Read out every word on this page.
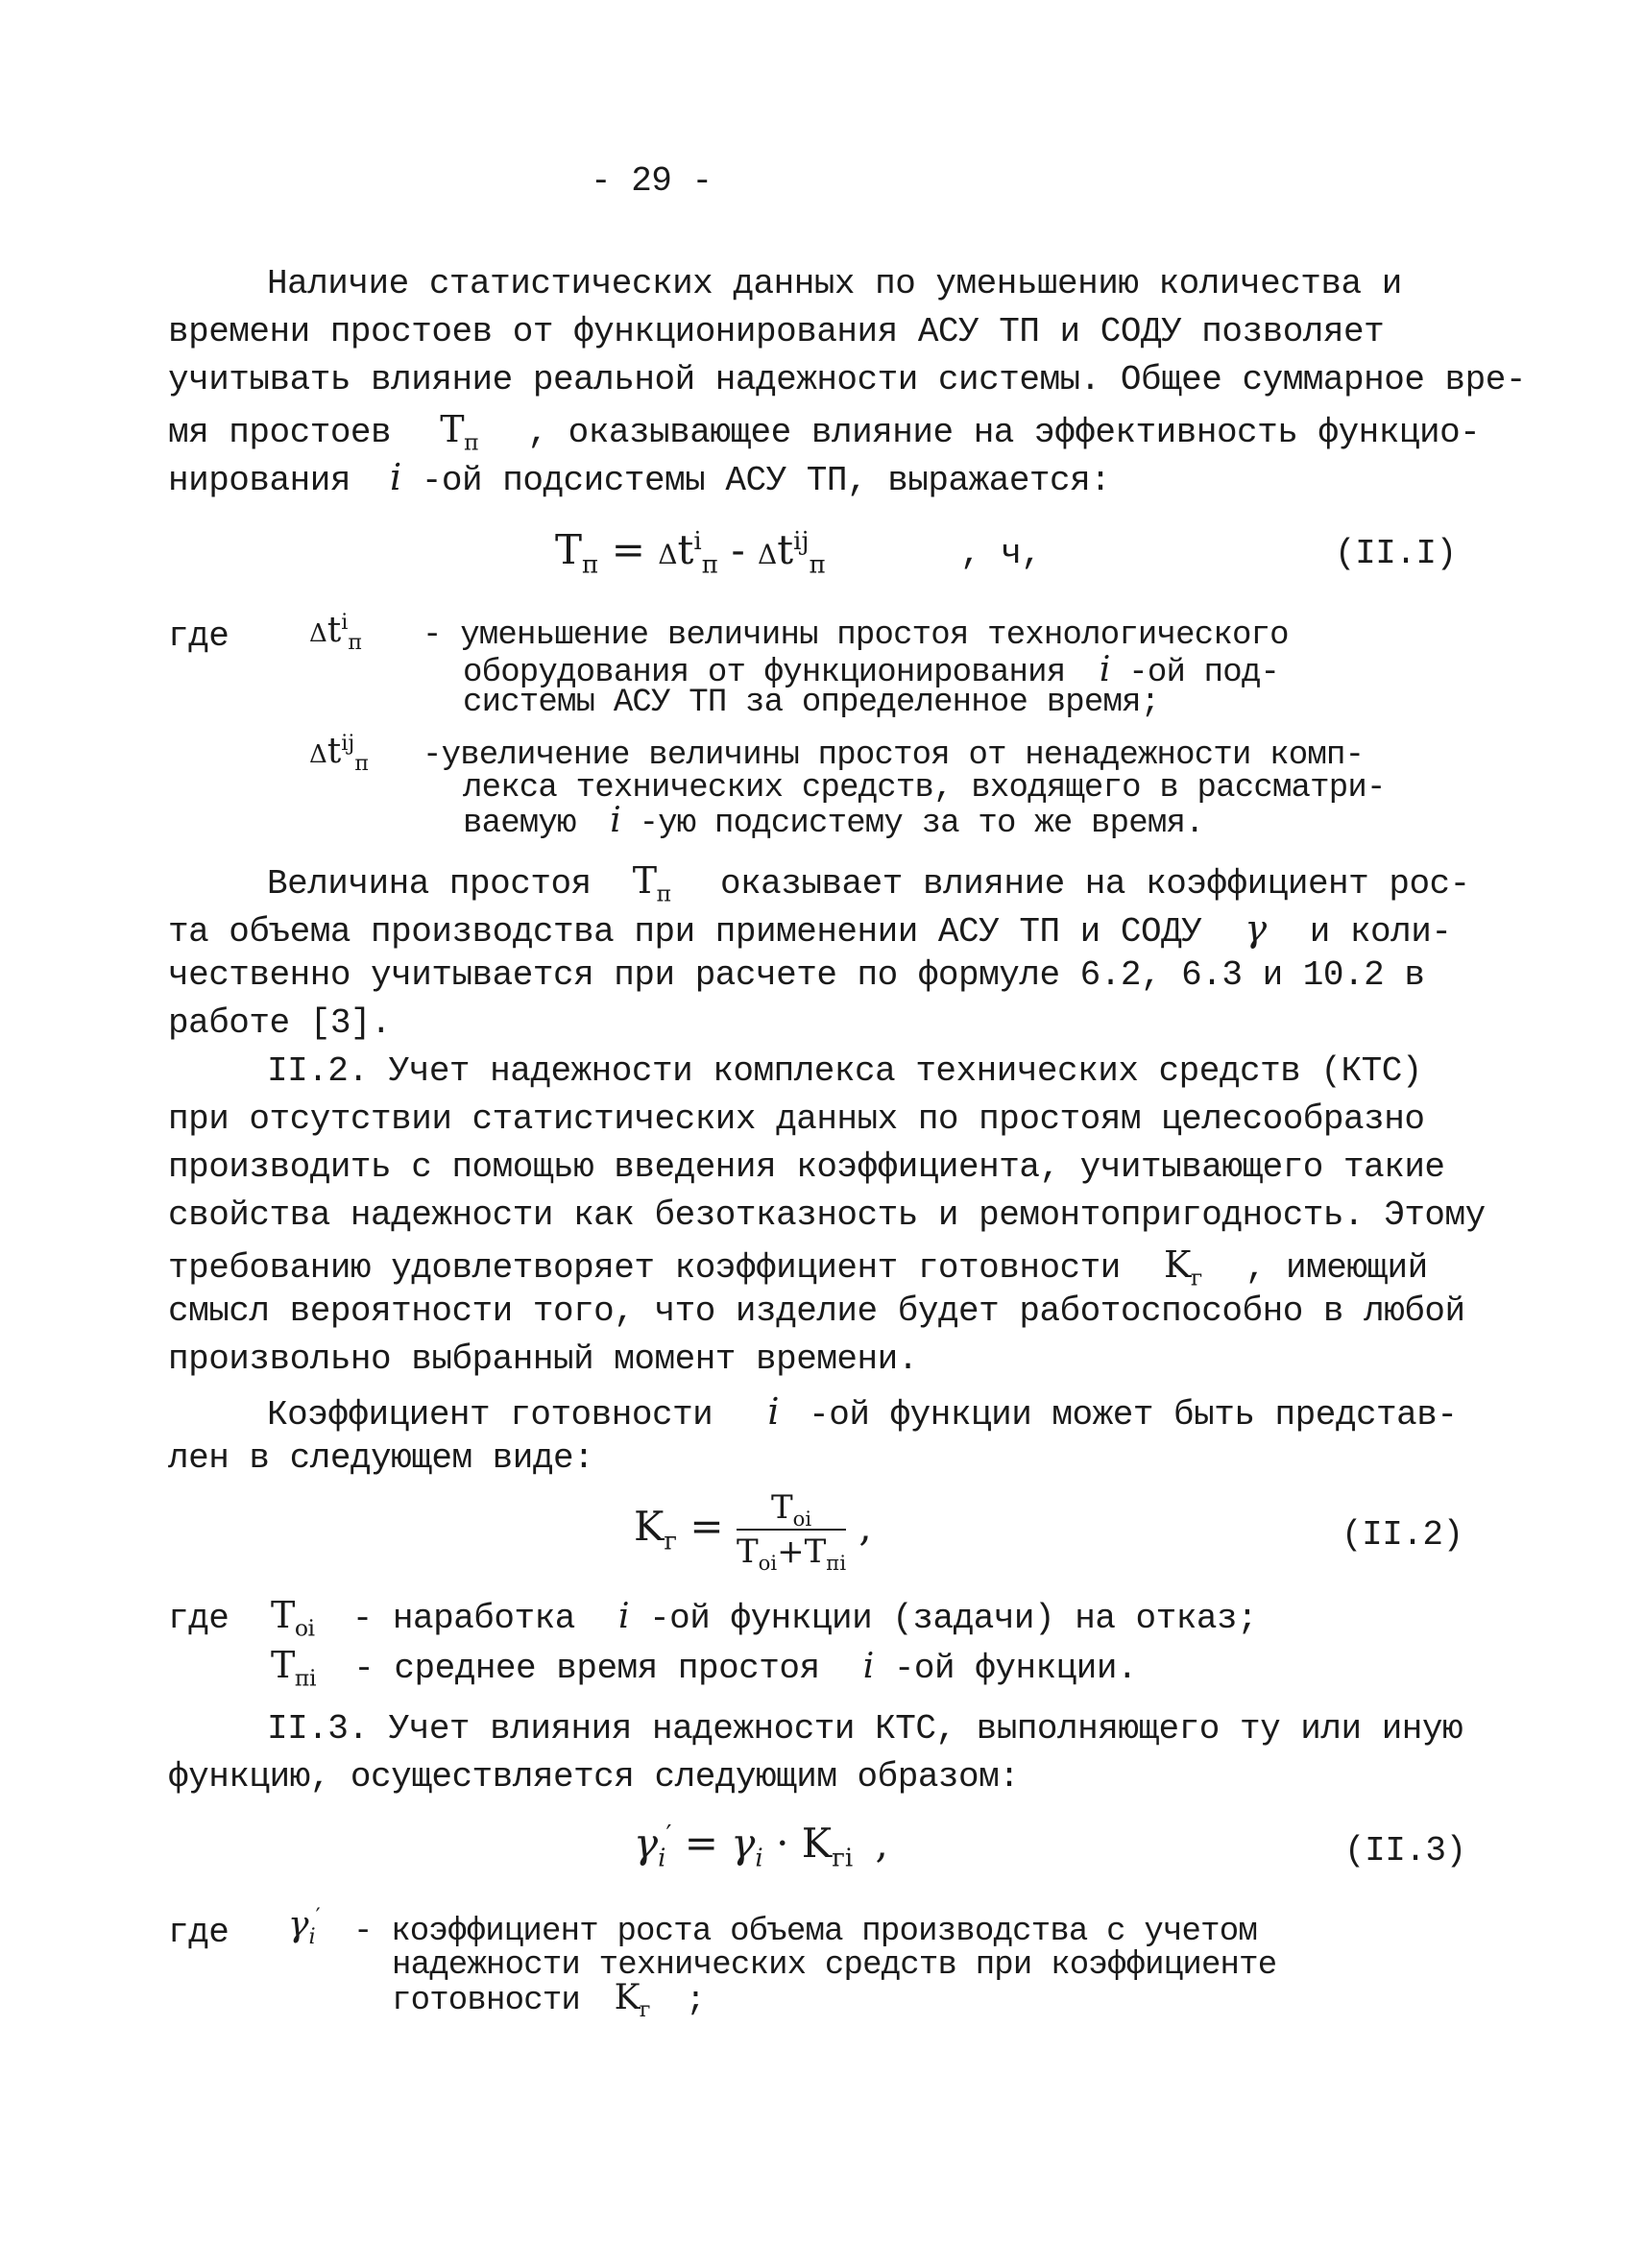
- 29 -
Наличие статистических данных по уменьшению количества и
времени простоев от функционирования АСУ ТП и СОДУ позволяет
учитывать влияние реальной надежности системы. Общее суммарное вре-
мя простоев $T_п$ , оказывающее влияние на эффективность функцио-
нирования i -ой подсистемы АСУ ТП, выражается:
$T_п = \Delta t^i_п - \Delta t^{ij}_п$	, ч,	(II.I)
где	$\Delta t^i_п$ - уменьшение величины простоя технологического
оборудования от функционирования i -ой под-
системы АСУ ТП за определенное время;
$\Delta t^{ij}_п$ -увеличение величины простоя от ненадежности комп-
лекса технических средств, входящего в рассматри-
ваемую i -ую подсистему за то же время.
Величина простоя $T_п$ оказывает влияние на коэффициент рос-
та объема производства при применении АСУ ТП и СОДУ γ и коли-
чественно учитывается при расчете по формуле 6.2, 6.3 и 10.2 в
работе [3].
II.2. Учет надежности комплекса технических средств (КТС)
при отсутствии статистических данных по простоям целесообразно
производить с помощью введения коэффициента, учитывающего такие
свойства надежности как безотказность и ремонтопригодность. Этому
требованию удовлетворяет коэффициент готовности $K_г$ , имеющий
смысл вероятности того, что изделие будет работоспособно в любой
произвольно выбранный момент времени.
Коэффициент готовности i -ой функции может быть представ-
лен в следующем виде:
$K_г = \frac{T_{оi}}{T_{оi}+T_{пi}}$ ,	(II.2)
где $T_{оi}$ - наработка i -ой функции (задачи) на отказ;
$T_{пi}$ - среднее время простоя i -ой функции.
II.3. Учет влияния надежности КТС, выполняющего ту или иную
функцию, осуществляется следующим образом:
$\gamma_i' = \gamma_i \cdot K_{гi}$ ,	(II.3)
где $\gamma_i'$ - коэффициент роста объема производства с учетом
надежности технических средств при коэффициенте
готовности $K_г$ ;
